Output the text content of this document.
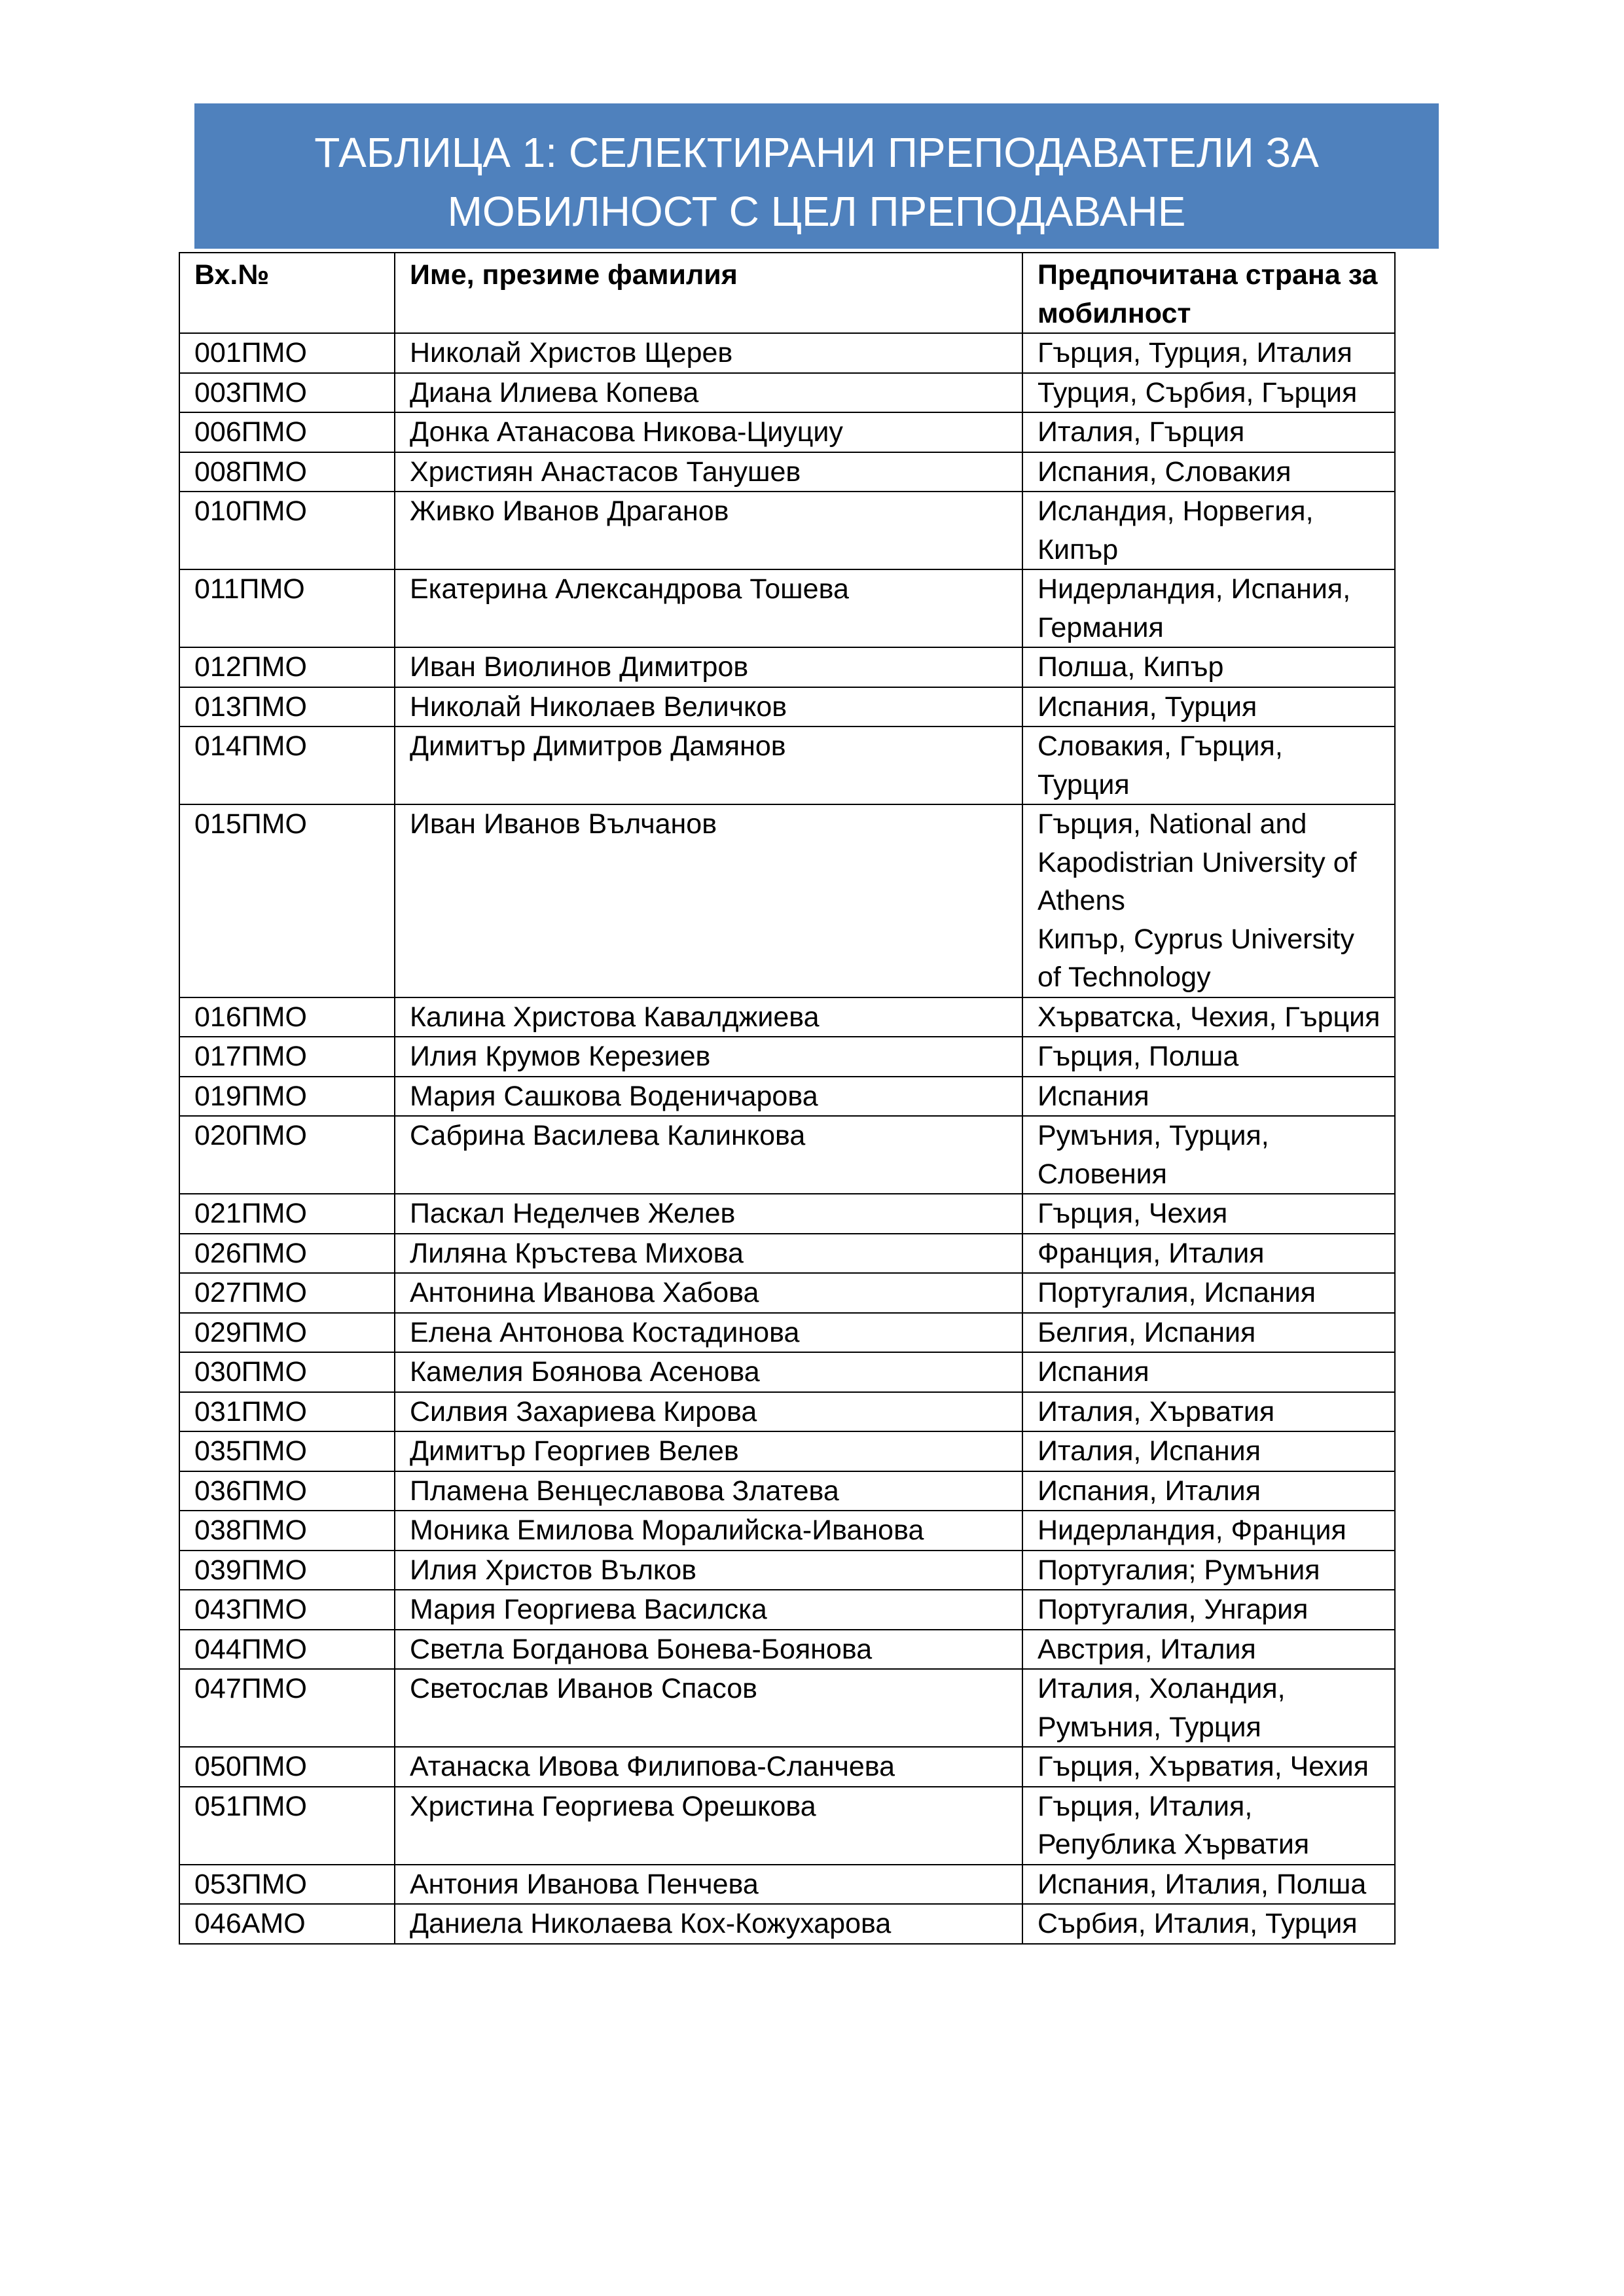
ТАБЛИЦА 1: СЕЛЕКТИРАНИ ПРЕПОДАВАТЕЛИ ЗА
МОБИЛНОСТ С ЦЕЛ ПРЕПОДАВАНЕ
Вх.№	Име, презиме фамилия	Предпочитана страна за
мобилност

001ПМО	Николай Христов Щерев	Гърция, Турция, Италия

003ПМО	Диана Илиева Копева	Турция, Сърбия, Гърция

006ПМО	Донка Атанасова Никова-Циуциу	Италия, Гърция

008ПМО	Християн Анастасов Танушев	Испания, Словакия

010ПМО	Живко Иванов Драганов	Исландия, Норвегия,
Кипър

011ПМО	Екатерина Александрова Тошева	Нидерландия, Испания,
Германия

012ПМО	Иван Виолинов Димитров	Полша, Кипър

013ПМО	Николай Николаев Величков	Испания, Турция

014ПМО	Димитър Димитров Дамянов	Словакия, Гърция,
Турция

015ПМО	Иван Иванов Вълчанов	Гърция, National and
Kapodistrian University of
Athens
Кипър, Cyprus University
of Technology

016ПМО	Калина Христова Кавалджиева	Хърватска, Чехия, Гърция

017ПМО	Илия Крумов Керезиев	Гърция, Полша

019ПМО	Мария Сашкова Воденичарова	Испания

020ПМО	Сабрина Василева Калинкова	Румъния, Турция,
Словения

021ПМО	Паскал Неделчев Желев	Гърция, Чехия

026ПМО	Лиляна Кръстева Михова	Франция, Италия

027ПМО	Антонина Иванова Хабова	Португалия, Испания

029ПМО	Елена Антонова Костадинова	Белгия, Испания

030ПМО	Камелия Боянова Асенова	Испания

031ПМО	Силвия Захариева Кирова	Италия, Хърватия

035ПМО	Димитър Георгиев Велев	Италия, Испания

036ПМО	Пламена Венцеславова Златева	Испания, Италия

038ПМО	Моника Емилова Моралийска-Иванова	Нидерландия, Франция

039ПМО	Илия Христов Вълков	Португалия; Румъния

043ПМО	Мария Георгиева Василска	Португалия, Унгария

044ПМО	Светла Богданова Бонева-Боянова	Австрия, Италия

047ПМО	Светослав Иванов Спасов	Италия, Холандия,
Румъния, Турция

050ПМО	Атанаска Ивова Филипова-Сланчева	Гърция, Хърватия, Чехия

051ПМО	Христина Георгиева Орешкова	Гърция, Италия,
Република Хърватия

053ПМО	Антония Иванова Пенчева	Испания, Италия, Полша

046АМО	Даниела Николаева Кох-Кожухарова	Сърбия, Италия, Турция
